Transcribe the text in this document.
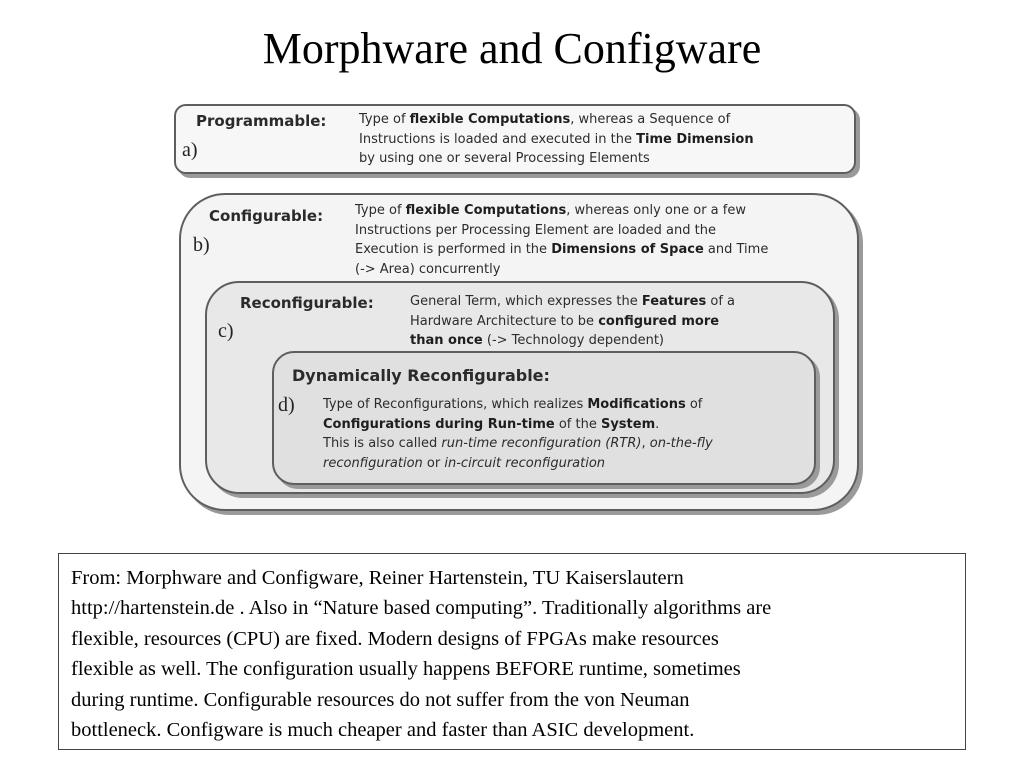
Morphware and Configware
Programmable:
a)
Type of flexible Computations, whereas a Sequence of
Instructions is loaded and executed in the Time Dimension
by using one or several Processing Elements
Configurable:
b)
Type of flexible Computations, whereas only one or a few
Instructions per Processing Element are loaded and the
Execution is performed in the Dimensions of Space and Time
(-> Area) concurrently
Reconfigurable:
c)
General Term, which expresses the Features of a
Hardware Architecture to be configured more
than once (-> Technology dependent)
Dynamically Reconfigurable:
d) Type of Reconfigurations, which realizes Modifications of
Configurations during Run-time of the System.
This is also called run-time reconfiguration (RTR), on-the-fly
reconfiguration or in-circuit reconfiguration
From: Morphware and Configware, Reiner Hartenstein, TU Kaiserslautern
http://hartenstein.de . Also in “Nature based computing”. Traditionally algorithms are
flexible, resources (CPU) are fixed. Modern designs of FPGAs make resources
flexible as well. The configuration usually happens BEFORE runtime, sometimes
during runtime. Configurable resources do not suffer from the von Neuman
bottleneck. Configware is much cheaper and faster than ASIC development.
